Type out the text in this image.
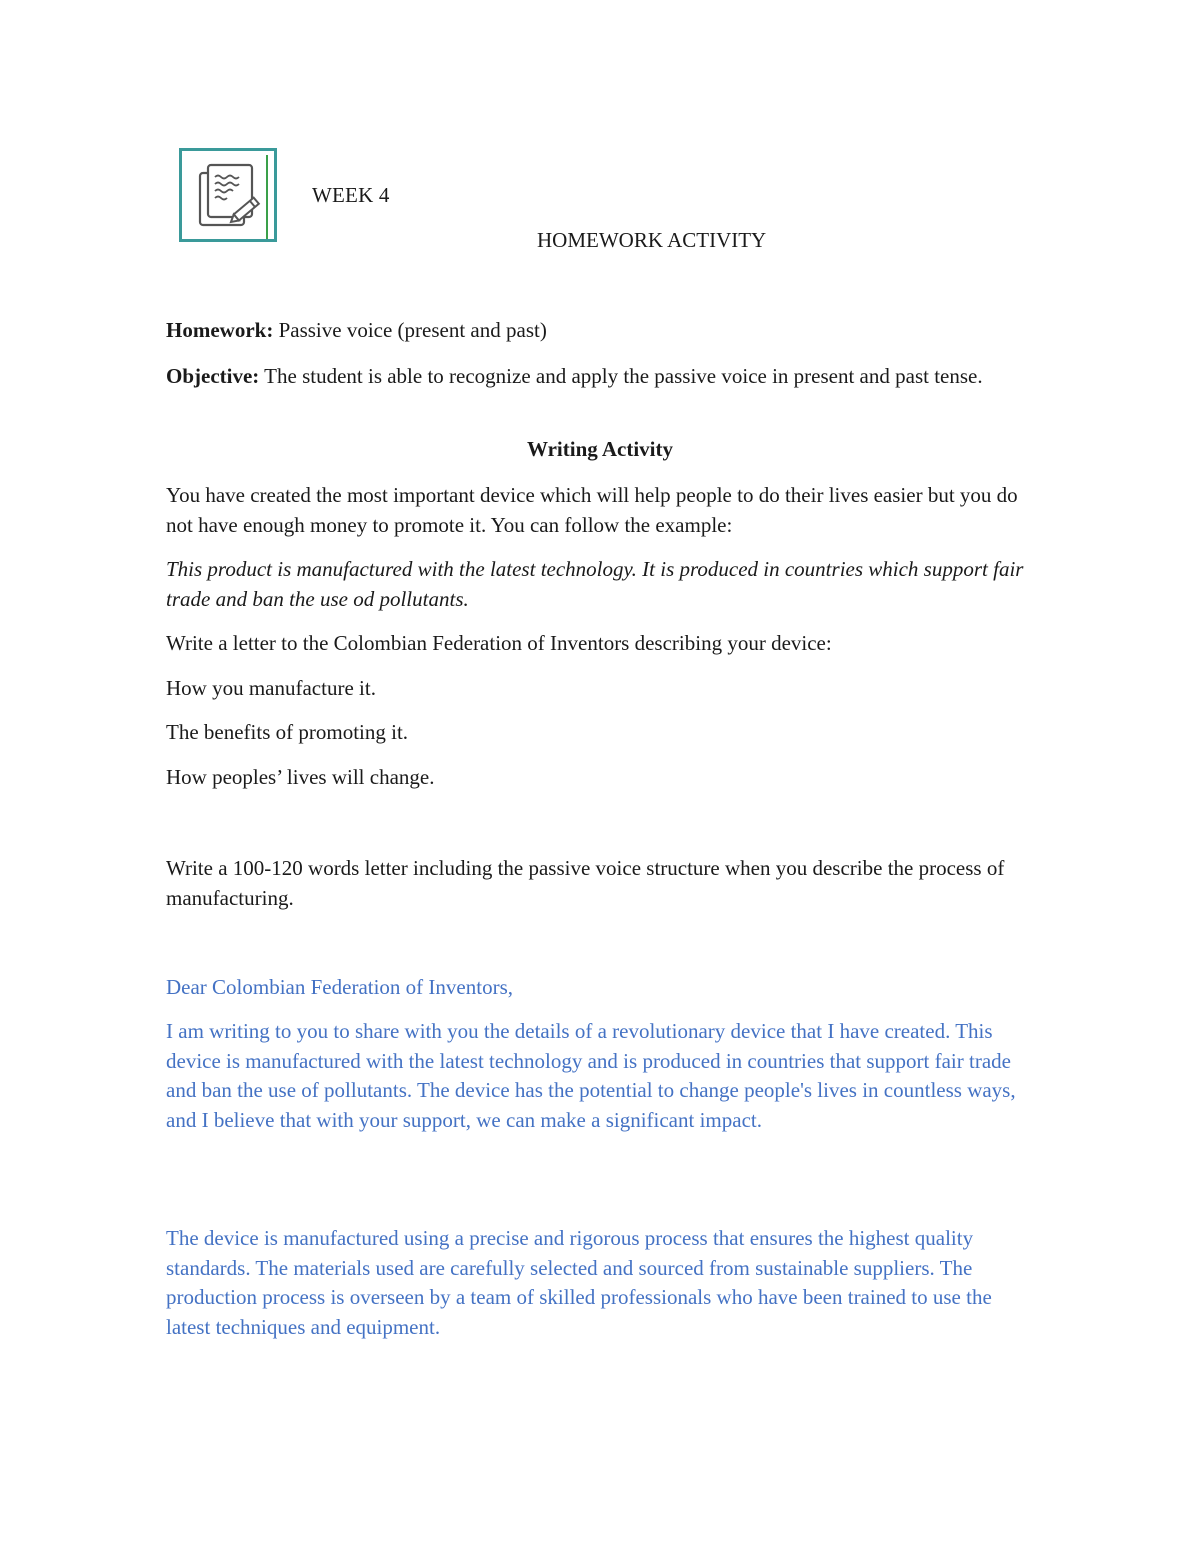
WEEK 4
HOMEWORK ACTIVITY

Homework: Passive voice (present and past)

Objective: The student is able to recognize and apply the passive voice in present and past tense.

Writing Activity

You have created the most important device which will help people to do their lives easier but you do not have enough money to promote it. You can follow the example:

This product is manufactured with the latest technology. It is produced in countries which support fair trade and ban the use od pollutants.

Write a letter to the Colombian Federation of Inventors describing your device:

How you manufacture it.

The benefits of promoting it.

How peoples’ lives will change.

Write a 100-120 words letter including the passive voice structure when you describe the process of manufacturing.

Dear Colombian Federation of Inventors,

I am writing to you to share with you the details of a revolutionary device that I have created. This device is manufactured with the latest technology and is produced in countries that support fair trade and ban the use of pollutants. The device has the potential to change people's lives in countless ways, and I believe that with your support, we can make a significant impact.

The device is manufactured using a precise and rigorous process that ensures the highest quality standards. The materials used are carefully selected and sourced from sustainable suppliers. The production process is overseen by a team of skilled professionals who have been trained to use the latest techniques and equipment.
